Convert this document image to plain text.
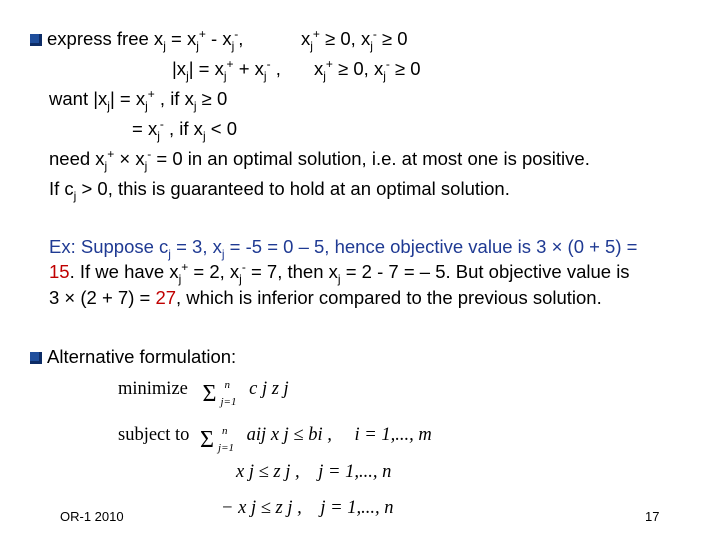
express free $x_j = x_j^+ - x_j^-$,	$x_j^+ \ge 0$, $x_j^- \ge 0$
$|x_j| = x_j^+ + x_j^-$ , $x_j^+ \ge 0$, $x_j^- \ge 0$
want $|x_j| = x_j^+$ , if $x_j \ge 0$
= $x_j^-$ , if $x_j < 0$
need $x_j^+ \times x_j^- = 0$ in an optimal solution, i.e. at most one is positive.
If $c_j > 0$, this is guaranteed to hold at an optimal solution.
Ex: Suppose $c_j = 3$, $x_j = -5 = 0 - 5$, hence objective value is 3 × (0 + 5) =
15. If we have $x_j^+ = 2$, $x_j^- = 7$, then $x_j = 2 - 7$ = – 5. But objective value is
3 × (2 + 7) = 27, which is inferior compared to the previous solution.
Alternative formulation:
minimize Σ n
j=1
c j z j
subject to Σ n
j=1
aij x j ≤ bi , i = 1,..., m
x j ≤ z j , j = 1,..., n
− x j ≤ z j , j = 1,..., n
OR-1 2010	17
